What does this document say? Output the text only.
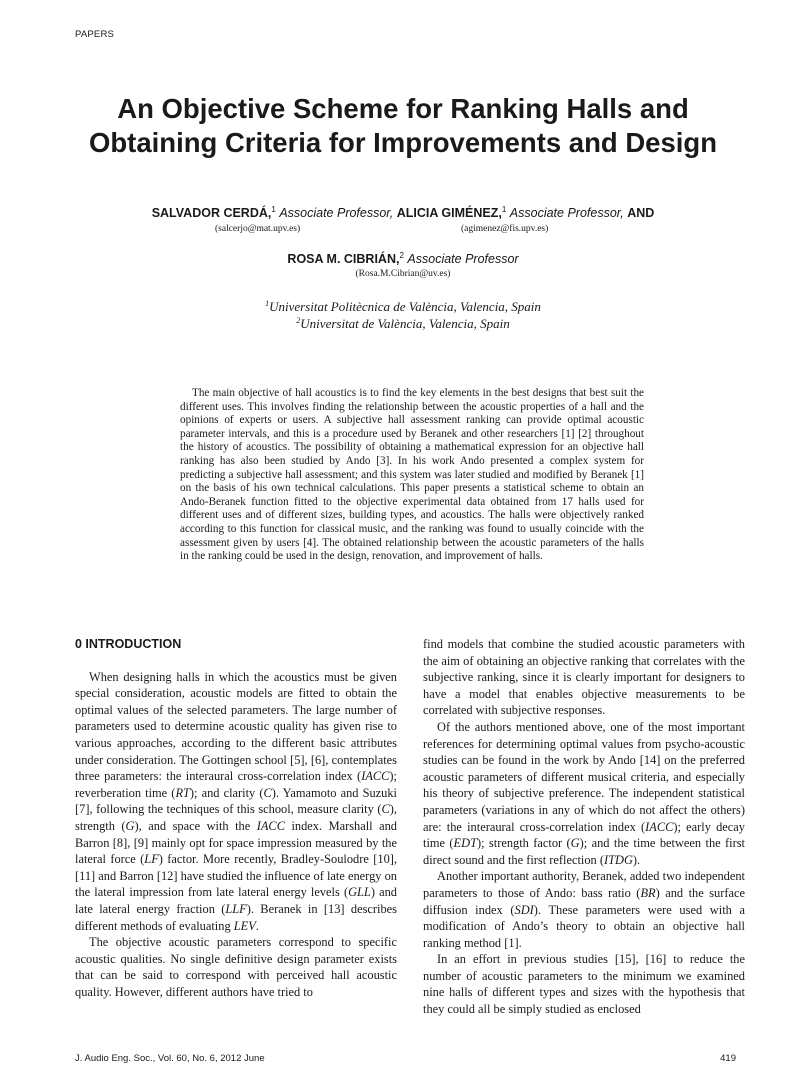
PAPERS
An Objective Scheme for Ranking Halls and
Obtaining Criteria for Improvements and Design
SALVADOR CERDÁ,$^1$ Associate Professor, ALICIA GIMÉNEZ,$^1$ Associate Professor, AND
(salcerjo@mat.upv.es)	(agimenez@fis.upv.es)
ROSA M. CIBRIÁN,$^2$ Associate Professor
(Rosa.M.Cibrian@uv.es)
$^1$Universitat Politècnica de València, Valencia, Spain
$^2$Universitat de València, Valencia, Spain

The main objective of hall acoustics is to find the key elements in the best designs that best suit the different uses. This involves finding the relationship between the acoustic properties of a hall and the opinions of experts or users. A subjective hall assessment ranking can provide optimal acoustic parameter intervals, and this is a procedure used by Beranek and other researchers [1] [2] throughout the history of acoustics. The possibility of obtaining a mathematical expression for an objective hall ranking has also been studied by Ando [3]. In his work Ando presented a complex system for predicting a subjective hall assessment; and this system was later studied and modified by Beranek [1] on the basis of his own technical calculations. This paper presents a statistical scheme to obtain an Ando-Beranek function fitted to the objective experimental data obtained from 17 halls used for different uses and of different sizes, building types, and acoustics. The halls were objectively ranked according to this function for classical music, and the ranking was found to usually coincide with the assessment given by users [4]. The obtained relationship between the acoustic parameters of the halls in the ranking could be used in the design, renovation, and improvement of halls.

0 INTRODUCTION

When designing halls in which the acoustics must be given special consideration, acoustic models are fitted to obtain the optimal values of the selected parameters. The large number of parameters used to determine acoustic quality has given rise to various approaches, according to the different basic attributes under consideration. The Gottingen school [5], [6], contemplates three parameters: the interaural cross-correlation index (IACC); reverberation time (RT); and clarity (C). Yamamoto and Suzuki [7], following the techniques of this school, measure clarity (C), strength (G), and space with the IACC index. Marshall and Barron [8], [9] mainly opt for space impression measured by the lateral force (LF) factor. More recently, Bradley-Soulodre [10], [11] and Barron [12] have studied the influence of late energy on the lateral impression from late lateral energy levels (GLL) and late lateral energy fraction (LLF). Beranek in [13] describes different methods of evaluating LEV.

The objective acoustic parameters correspond to specific acoustic qualities. No single definitive design parameter exists that can be said to correspond with perceived hall acoustic quality. However, different authors have tried to

find models that combine the studied acoustic parameters with the aim of obtaining an objective ranking that correlates with the subjective ranking, since it is clearly important for designers to have a model that enables objective measurements to be correlated with subjective responses.

Of the authors mentioned above, one of the most important references for determining optimal values from psycho-acoustic studies can be found in the work by Ando [14] on the preferred acoustic parameters of different musical criteria, and especially his theory of subjective preference. The independent statistical parameters (variations in any of which do not affect the others) are: the interaural cross-correlation index (IACC); early decay time (EDT); strength factor (G); and the time between the first direct sound and the first reflection (ITDG).

Another important authority, Beranek, added two independent parameters to those of Ando: bass ratio (BR) and the surface diffusion index (SDI). These parameters were used with a modification of Ando’s theory to obtain an objective hall ranking method [1].

In an effort in previous studies [15], [16] to reduce the number of acoustic parameters to the minimum we examined nine halls of different types and sizes with the hypothesis that they could all be simply studied as enclosed

J. Audio Eng. Soc., Vol. 60, No. 6, 2012 June	419
